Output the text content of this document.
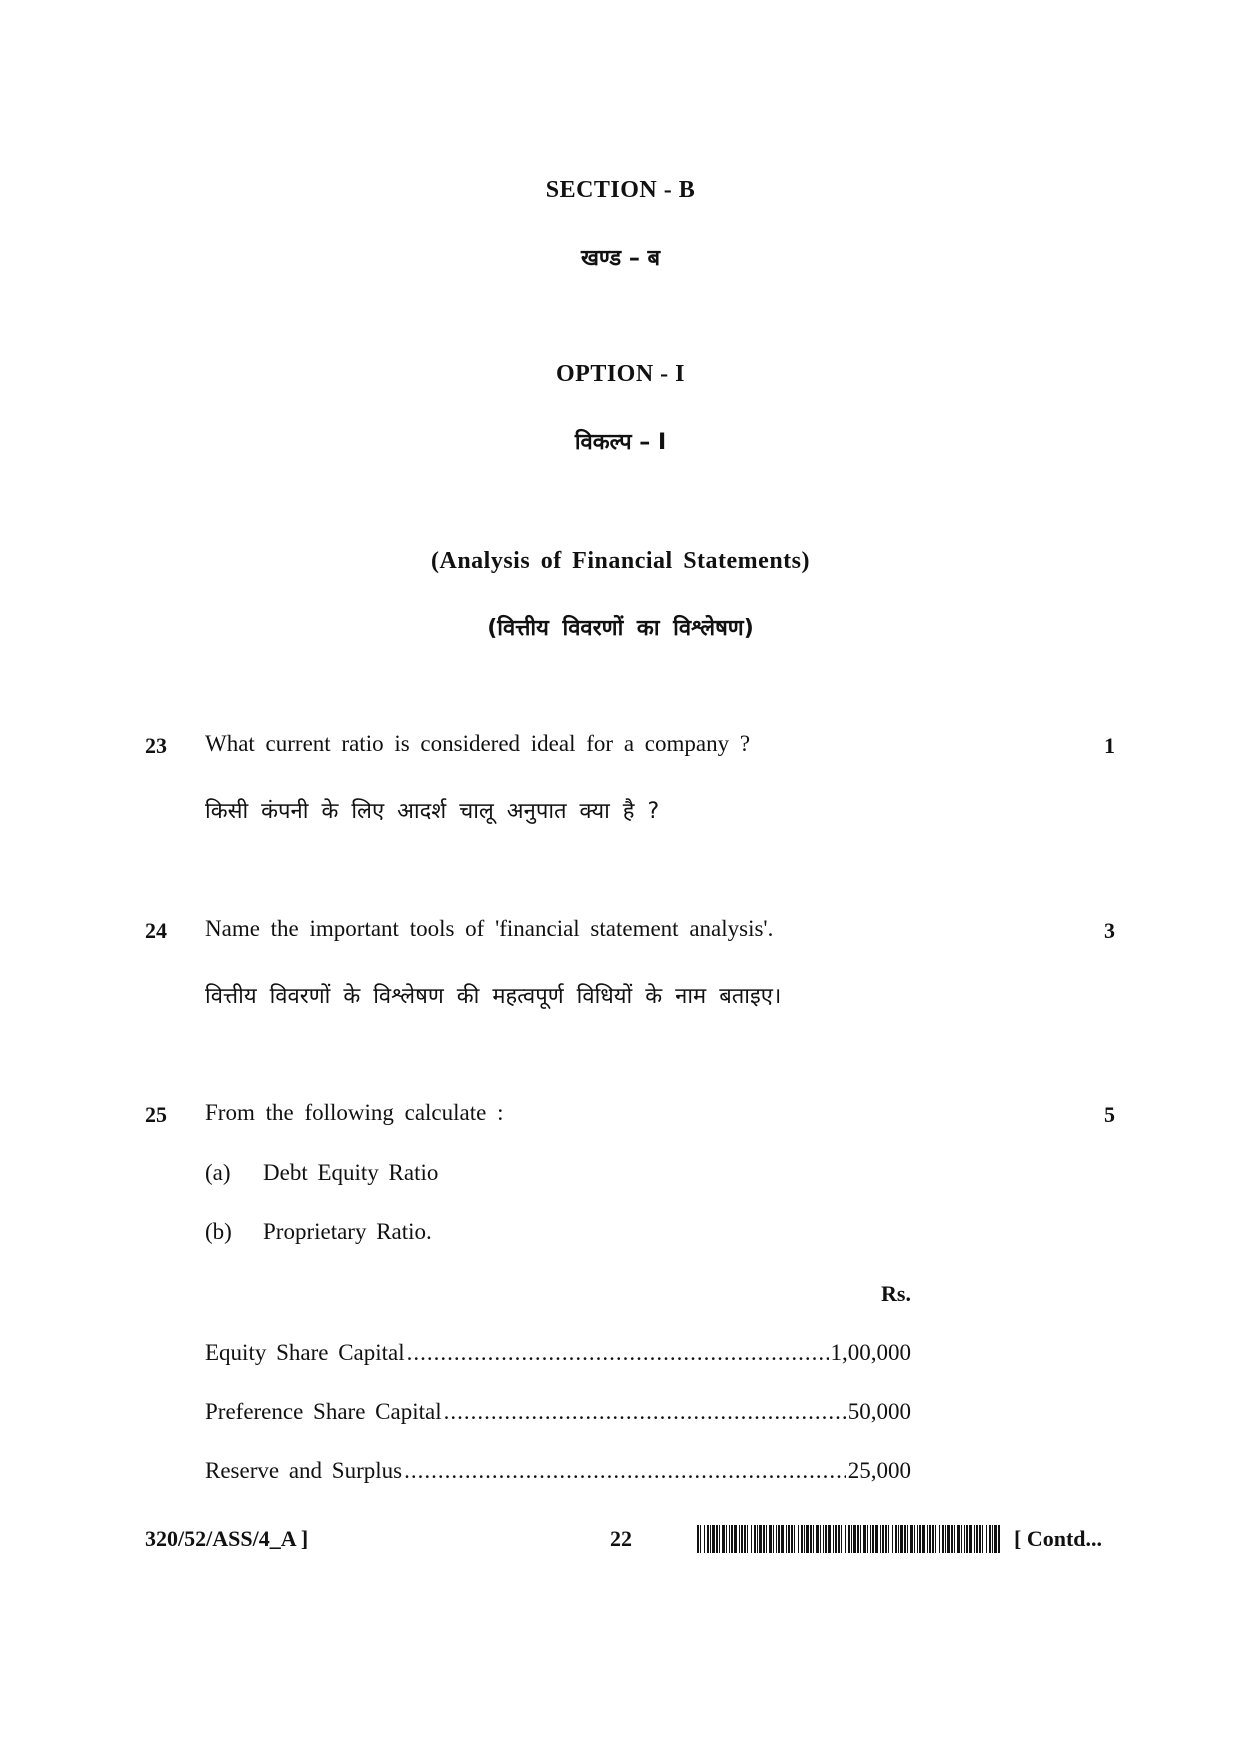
SECTION - B
खण्ड – ब
OPTION - I
विकल्प – I
(Analysis of Financial Statements)
(वित्तीय विवरणों का विश्लेषण)
23 What current ratio is considered ideal for a company ?	1
किसी कंपनी के लिए आदर्श चालू अनुपात क्या है ?
24 Name the important tools of 'financial statement analysis'.	3
वित्तीय विवरणों के विश्लेषण की महत्वपूर्ण विधियों के नाम बताइए।
25 From the following calculate :	5
(a) Debt Equity Ratio
(b) Proprietary Ratio.
Rs.
Equity Share Capital .....	1,00,000
Preference Share Capital .....	50,000
Reserve and Surplus .....	25,000
320/52/ASS/4_A ]	22	[ Contd...
